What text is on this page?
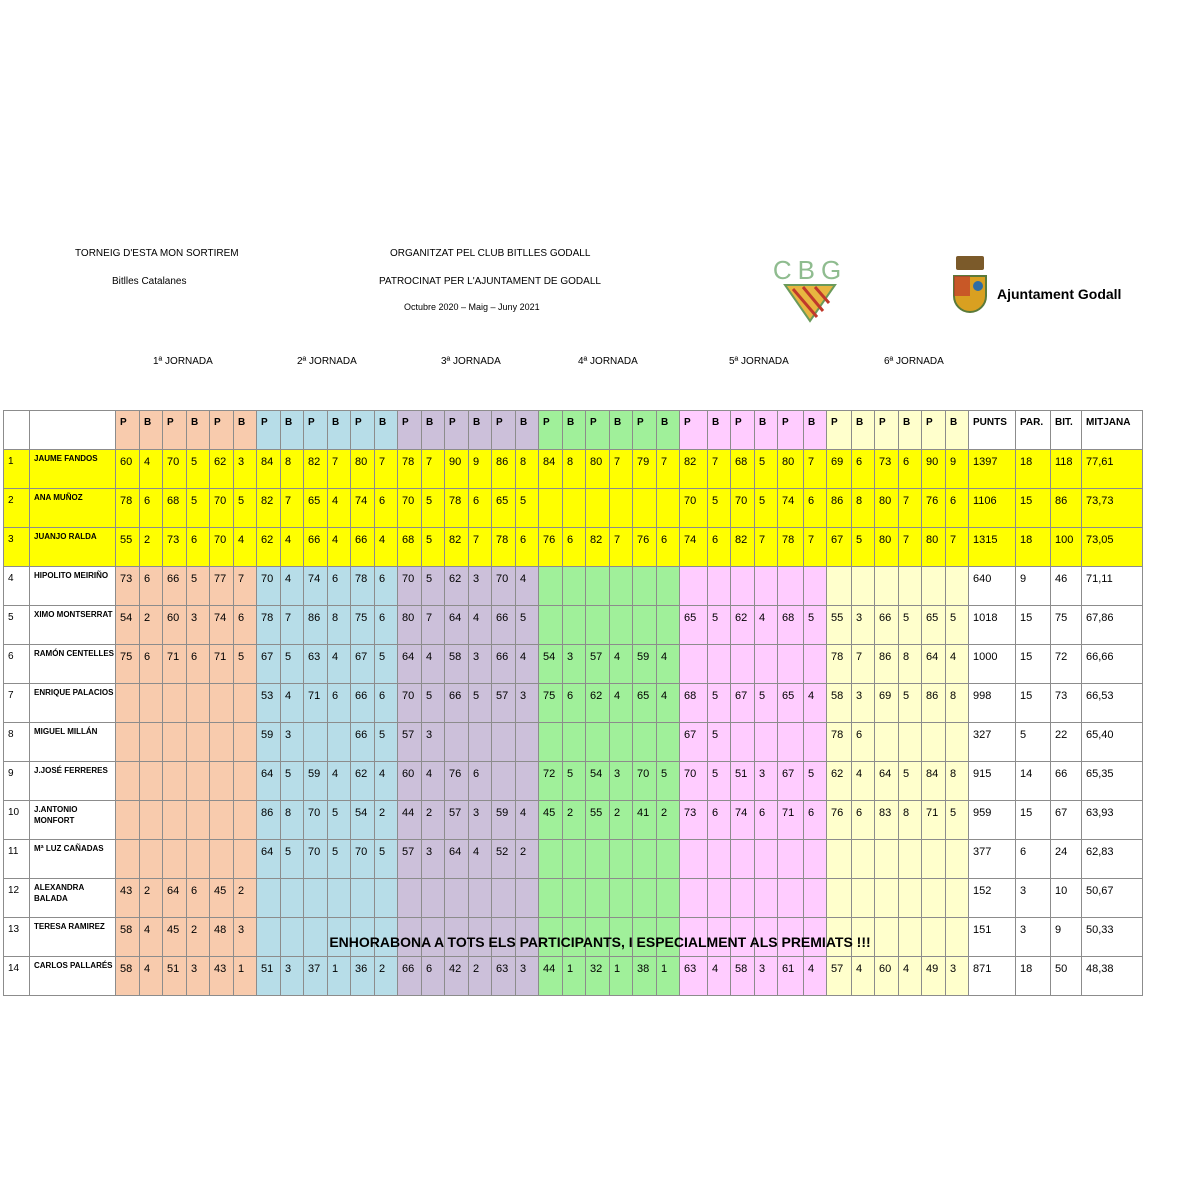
TORNEIG D'ESTA MON SORTIREM
Bitlles Catalanes
ORGANITZAT PEL CLUB BITLLES GODALL
PATROCINAT PER L'AJUNTAMENT DE GODALL
Octubre 2020 – Maig – Juny 2021
CBG
Ajuntament Godall
1ª JORNADA	2ª JORNADA	3ª JORNADA	4ª JORNADA	5ª JORNADA	6ª JORNADA
		P	B	P	B	P	B	P	B	P	B	P	B	P	B	P	B	P	B	P	B	P	B	P	B	P	B	P	B	P	B	P	B	P	B	P	B	PUNTS	PAR.	BIT.	MITJANA
1	JAUME FANDOS	60	4	70	5	62	3	84	8	82	7	80	7	78	7	90	9	86	8	84	8	80	7	79	7	82	7	68	5	80	7	69	6	73	6	90	9	1397	18	118	77,61
2	ANA MUÑOZ	78	6	68	5	70	5	82	7	65	4	74	6	70	5	78	6	65	5							70	5	70	5	74	6	86	8	80	7	76	6	1106	15	86	73,73
3	JUANJO RALDA	55	2	73	6	70	4	62	4	66	4	66	4	68	5	82	7	78	6	76	6	82	7	76	6	74	6	82	7	78	7	67	5	80	7	80	7	1315	18	100	73,05
4	HIPOLITO MEIRIÑO	73	6	66	5	77	7	70	4	74	6	78	6	70	5	62	3	70	4																			640	9	46	71,11
5	XIMO MONTSERRAT	54	2	60	3	74	6	78	7	86	8	75	6	80	7	64	4	66	5							65	5	62	4	68	5	55	3	66	5	65	5	1018	15	75	67,86
6	RAMÓN CENTELLES	75	6	71	6	71	5	67	5	63	4	67	5	64	4	58	3	66	4	54	3	57	4	59	4							78	7	86	8	64	4	1000	15	72	66,66
7	ENRIQUE PALACIOS							53	4	71	6	66	6	70	5	66	5	57	3	75	6	62	4	65	4	68	5	67	5	65	4	58	3	69	5	86	8	998	15	73	66,53
8	MIGUEL MILLÁN							59	3			66	5	57	3											67	5					78	6					327	5	22	65,40
9	J.JOSÉ FERRERES							64	5	59	4	62	4	60	4	76	6			72	5	54	3	70	5	70	5	51	3	67	5	62	4	64	5	84	8	915	14	66	65,35
10	J.ANTONIO MONFORT							86	8	70	5	54	2	44	2	57	3	59	4	45	2	55	2	41	2	73	6	74	6	71	6	76	6	83	8	71	5	959	15	67	63,93
11	Mª LUZ CAÑADAS							64	5	70	5	70	5	57	3	64	4	52	2																			377	6	24	62,83
12	ALEXANDRA BALADA	43	2	64	6	45	2																															152	3	10	50,67
13	TERESA RAMIREZ	58	4	45	2	48	3																															151	3	9	50,33
14	CARLOS PALLARÉS	58	4	51	3	43	1	51	3	37	1	36	2	66	6	42	2	63	3	44	1	32	1	38	1	63	4	58	3	61	4	57	4	60	4	49	3	871	18	50	48,38
ENHORABONA A TOTS ELS PARTICIPANTS, I ESPECIALMENT ALS PREMIATS !!!
